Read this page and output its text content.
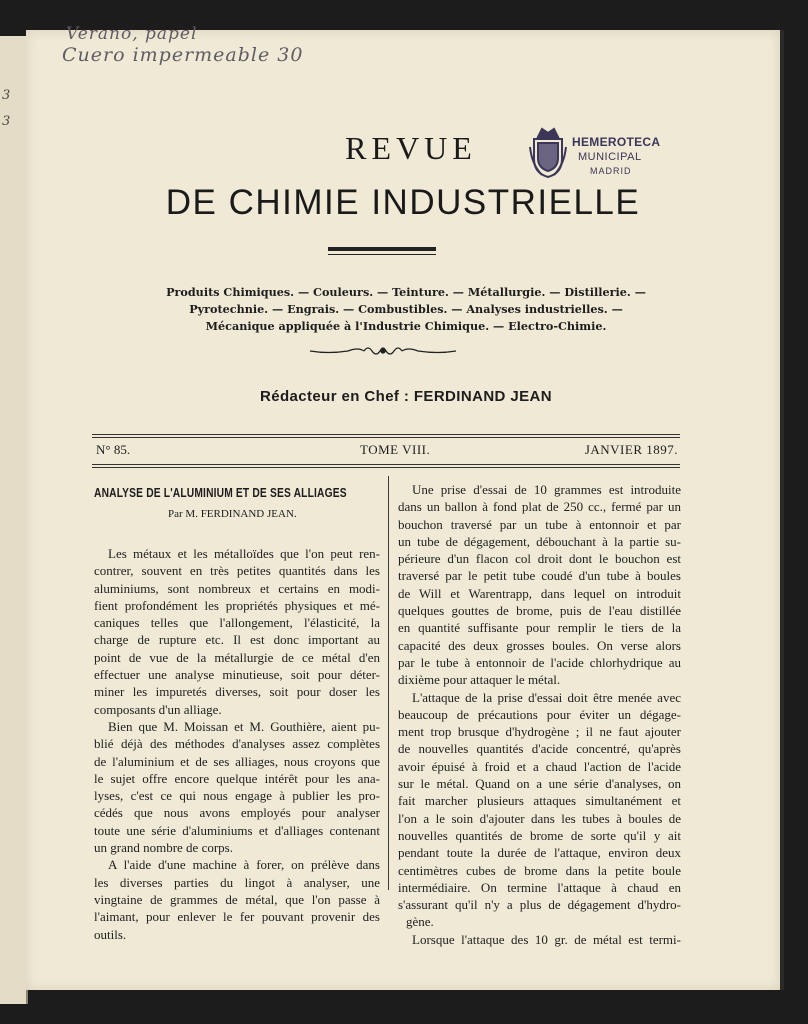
3
3
Verano, papel
Cuero impermeable 30
REVUE
DE CHIMIE INDUSTRIELLE
HEMEROTECA
MUNICIPAL
MADRID
Produits Chimiques. — Couleurs. — Teinture. — Métallurgie. — Distillerie. —
Pyrotechnie. — Engrais. — Combustibles. — Analyses industrielles. —
Mécanique appliquée à l'Industrie Chimique. — Electro-Chimie.
Rédacteur en Chef : FERDINAND JEAN
N° 85.	TOME VIII.	JANVIER 1897.
ANALYSE DE L'ALUMINIUM ET DE SES ALLIAGES
Par M. FERDINAND JEAN.
Les métaux et les métalloïdes que l'on peut ren-
contrer, souvent en très petites quantités dans les
aluminiums, sont nombreux et certains en modi-
fient profondément les propriétés physiques et mé-
caniques telles que l'allongement, l'élasticité, la
charge de rupture etc. Il est donc important au
point de vue de la métallurgie de ce métal d'en
effectuer une analyse minutieuse, soit pour déter-
miner les impuretés diverses, soit pour doser les
composants d'un alliage.
Bien que M. Moissan et M. Gouthière, aient pu-
blié déjà des méthodes d'analyses assez complètes
de l'aluminium et de ses alliages, nous croyons que
le sujet offre encore quelque intérêt pour les ana-
lyses, c'est ce qui nous engage à publier les pro-
cédés que nous avons employés pour analyser
toute une série d'aluminiums et d'alliages contenant
un grand nombre de corps.
A l'aide d'une machine à forer, on prélève dans
les diverses parties du lingot à analyser, une
vingtaine de grammes de métal, que l'on passe à
l'aimant, pour enlever le fer pouvant provenir des
outils.
Une prise d'essai de 10 grammes est introduite
dans un ballon à fond plat de 250 cc., fermé par un
bouchon traversé par un tube à entonnoir et par
un tube de dégagement, débouchant à la partie su-
périeure d'un flacon col droit dont le bouchon est
traversé par le petit tube coudé d'un tube à boules
de Will et Warentrapp, dans lequel on introduit
quelques gouttes de brome, puis de l'eau distillée
en quantité suffisante pour remplir le tiers de la
capacité des deux grosses boules. On verse alors
par le tube à entonnoir de l'acide chlorhydrique au
dixième pour attaquer le métal.
L'attaque de la prise d'essai doit être menée avec
beaucoup de précautions pour éviter un dégage-
ment trop brusque d'hydrogène ; il ne faut ajouter
de nouvelles quantités d'acide concentré, qu'après
avoir épuisé à froid et a chaud l'action de l'acide
sur le métal. Quand on a une série d'analyses, on
fait marcher plusieurs attaques simultanément et
l'on a le soin d'ajouter dans les tubes à boules de
nouvelles quantités de brome de sorte qu'il y ait
pendant toute la durée de l'attaque, environ deux
centimètres cubes de brome dans la petite boule
intermédiaire. On termine l'attaque à chaud en
s'assurant qu'il n'y a plus de dégagement d'hydro-
gène.
Lorsque l'attaque des 10 gr. de métal est termi-
